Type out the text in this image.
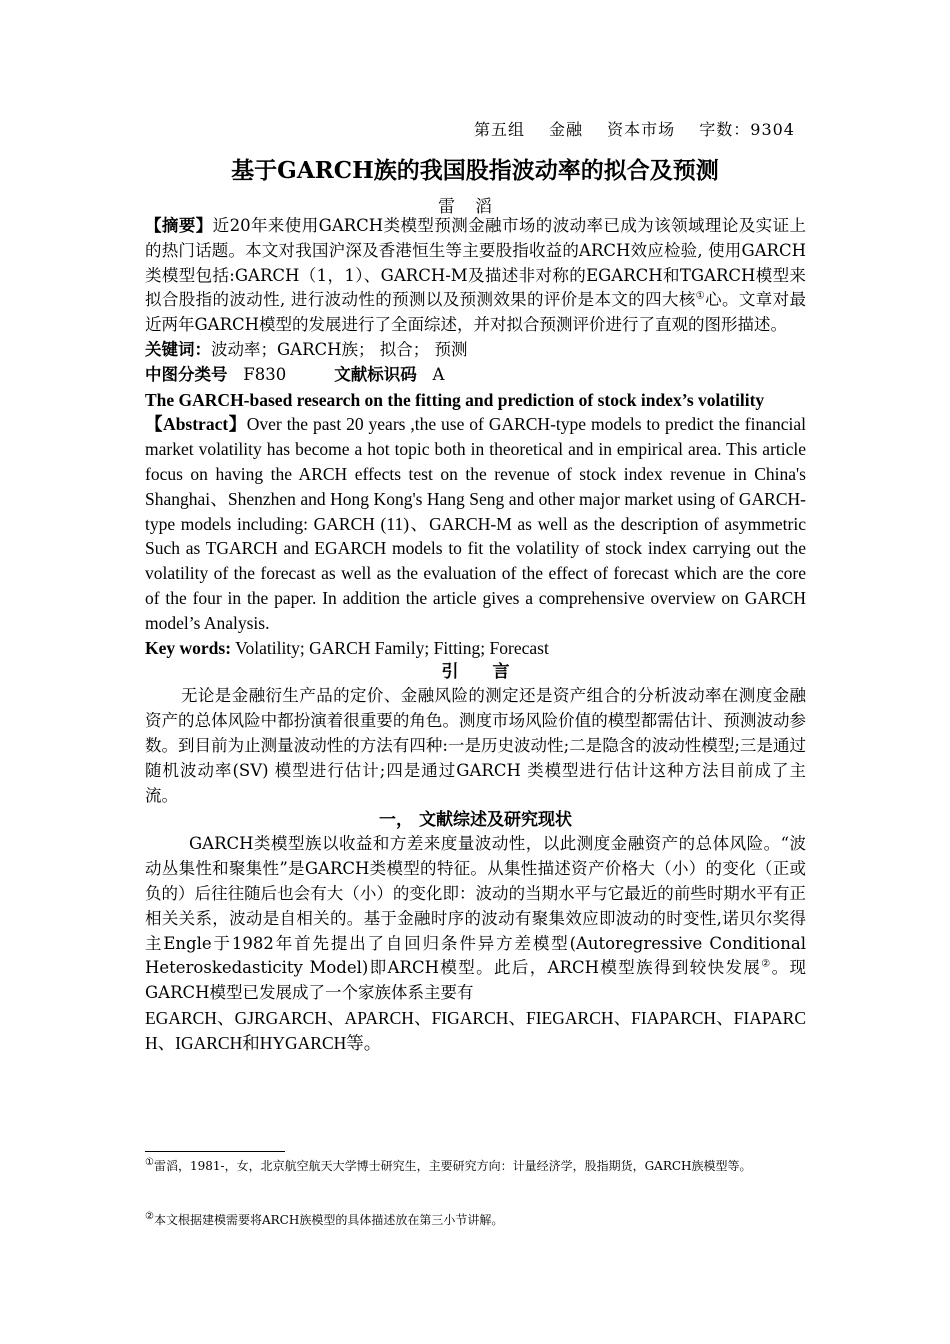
第五组 金融 资本市场 字数：9304
基于GARCH族的我国股指波动率的拟合及预测
雷滔

【摘要】近20年来使用GARCH类模型预测金融市场的波动率已成为该领域理论及实证上的热门话题。本文对我国沪深及香港恒生等主要股指收益的ARCH效应检验, 使用GARCH类模型包括:GARCH（1，1）、GARCH-M及描述非对称的EGARCH和TGARCH模型来拟合股指的波动性, 进行波动性的预测以及预测效果的评价是本文的四大核①心。文章对最近两年GARCH模型的发展进行了全面综述，并对拟合预测评价进行了直观的图形描述。

关键词：波动率；GARCH族； 拟合； 预测

中图分类号 F830	文献标识码 A

The GARCH-based research on the fitting and prediction of stock index’s volatility

【Abstract】Over the past 20 years ,the use of GARCH-type models to predict the financial market volatility has become a hot topic both in theoretical and in empirical area. This article focus on having the ARCH effects test on the revenue of stock index revenue in China's Shanghai、Shenzhen and Hong Kong's Hang Seng and other major market using of GARCH-type models including: GARCH (11)、GARCH-M as well as the description of asymmetric Such as TGARCH and EGARCH models to fit the volatility of stock index carrying out the volatility of the forecast as well as the evaluation of the effect of forecast which are the core of the four in the paper. In addition the article gives a comprehensive overview on GARCH model’s Analysis.

Key words: Volatility; GARCH Family; Fitting; Forecast

引　　言

无论是金融衍生产品的定价、金融风险的测定还是资产组合的分析波动率在测度金融资产的总体风险中都扮演着很重要的角色。测度市场风险价值的模型都需估计、预测波动参数。到目前为止测量波动性的方法有四种:一是历史波动性;二是隐含的波动性模型;三是通过随机波动率(SV) 模型进行估计;四是通过GARCH 类模型进行估计这种方法目前成了主流。

一， 文献综述及研究现状

GARCH类模型族以收益和方差来度量波动性，以此测度金融资产的总体风险。“波动丛集性和聚集性”是GARCH类模型的特征。从集性描述资产价格大（小）的变化（正或负的）后往往随后也会有大（小）的变化即：波动的当期水平与它最近的前些时期水平有正相关关系，波动是自相关的。基于金融时序的波动有聚集效应即波动的时变性,诺贝尔奖得主Engle于1982年首先提出了自回归条件异方差模型(Autoregressive Conditional Heteroskedasticity Model)即ARCH模型。此后，ARCH模型族得到较快发展②。现GARCH模型已发展成了一个家族体系主要有

EGARCH、GJRGARCH、APARCH、FIGARCH、FIEGARCH、FIAPARCH、FIAPARCH、IGARCH和HYGARCH等。

①雷滔，1981-，女，北京航空航天大学博士研究生，主要研究方向：计量经济学，股指期货，GARCH族模型等。
②本文根据建模需要将ARCH族模型的具体描述放在第三小节讲解。
